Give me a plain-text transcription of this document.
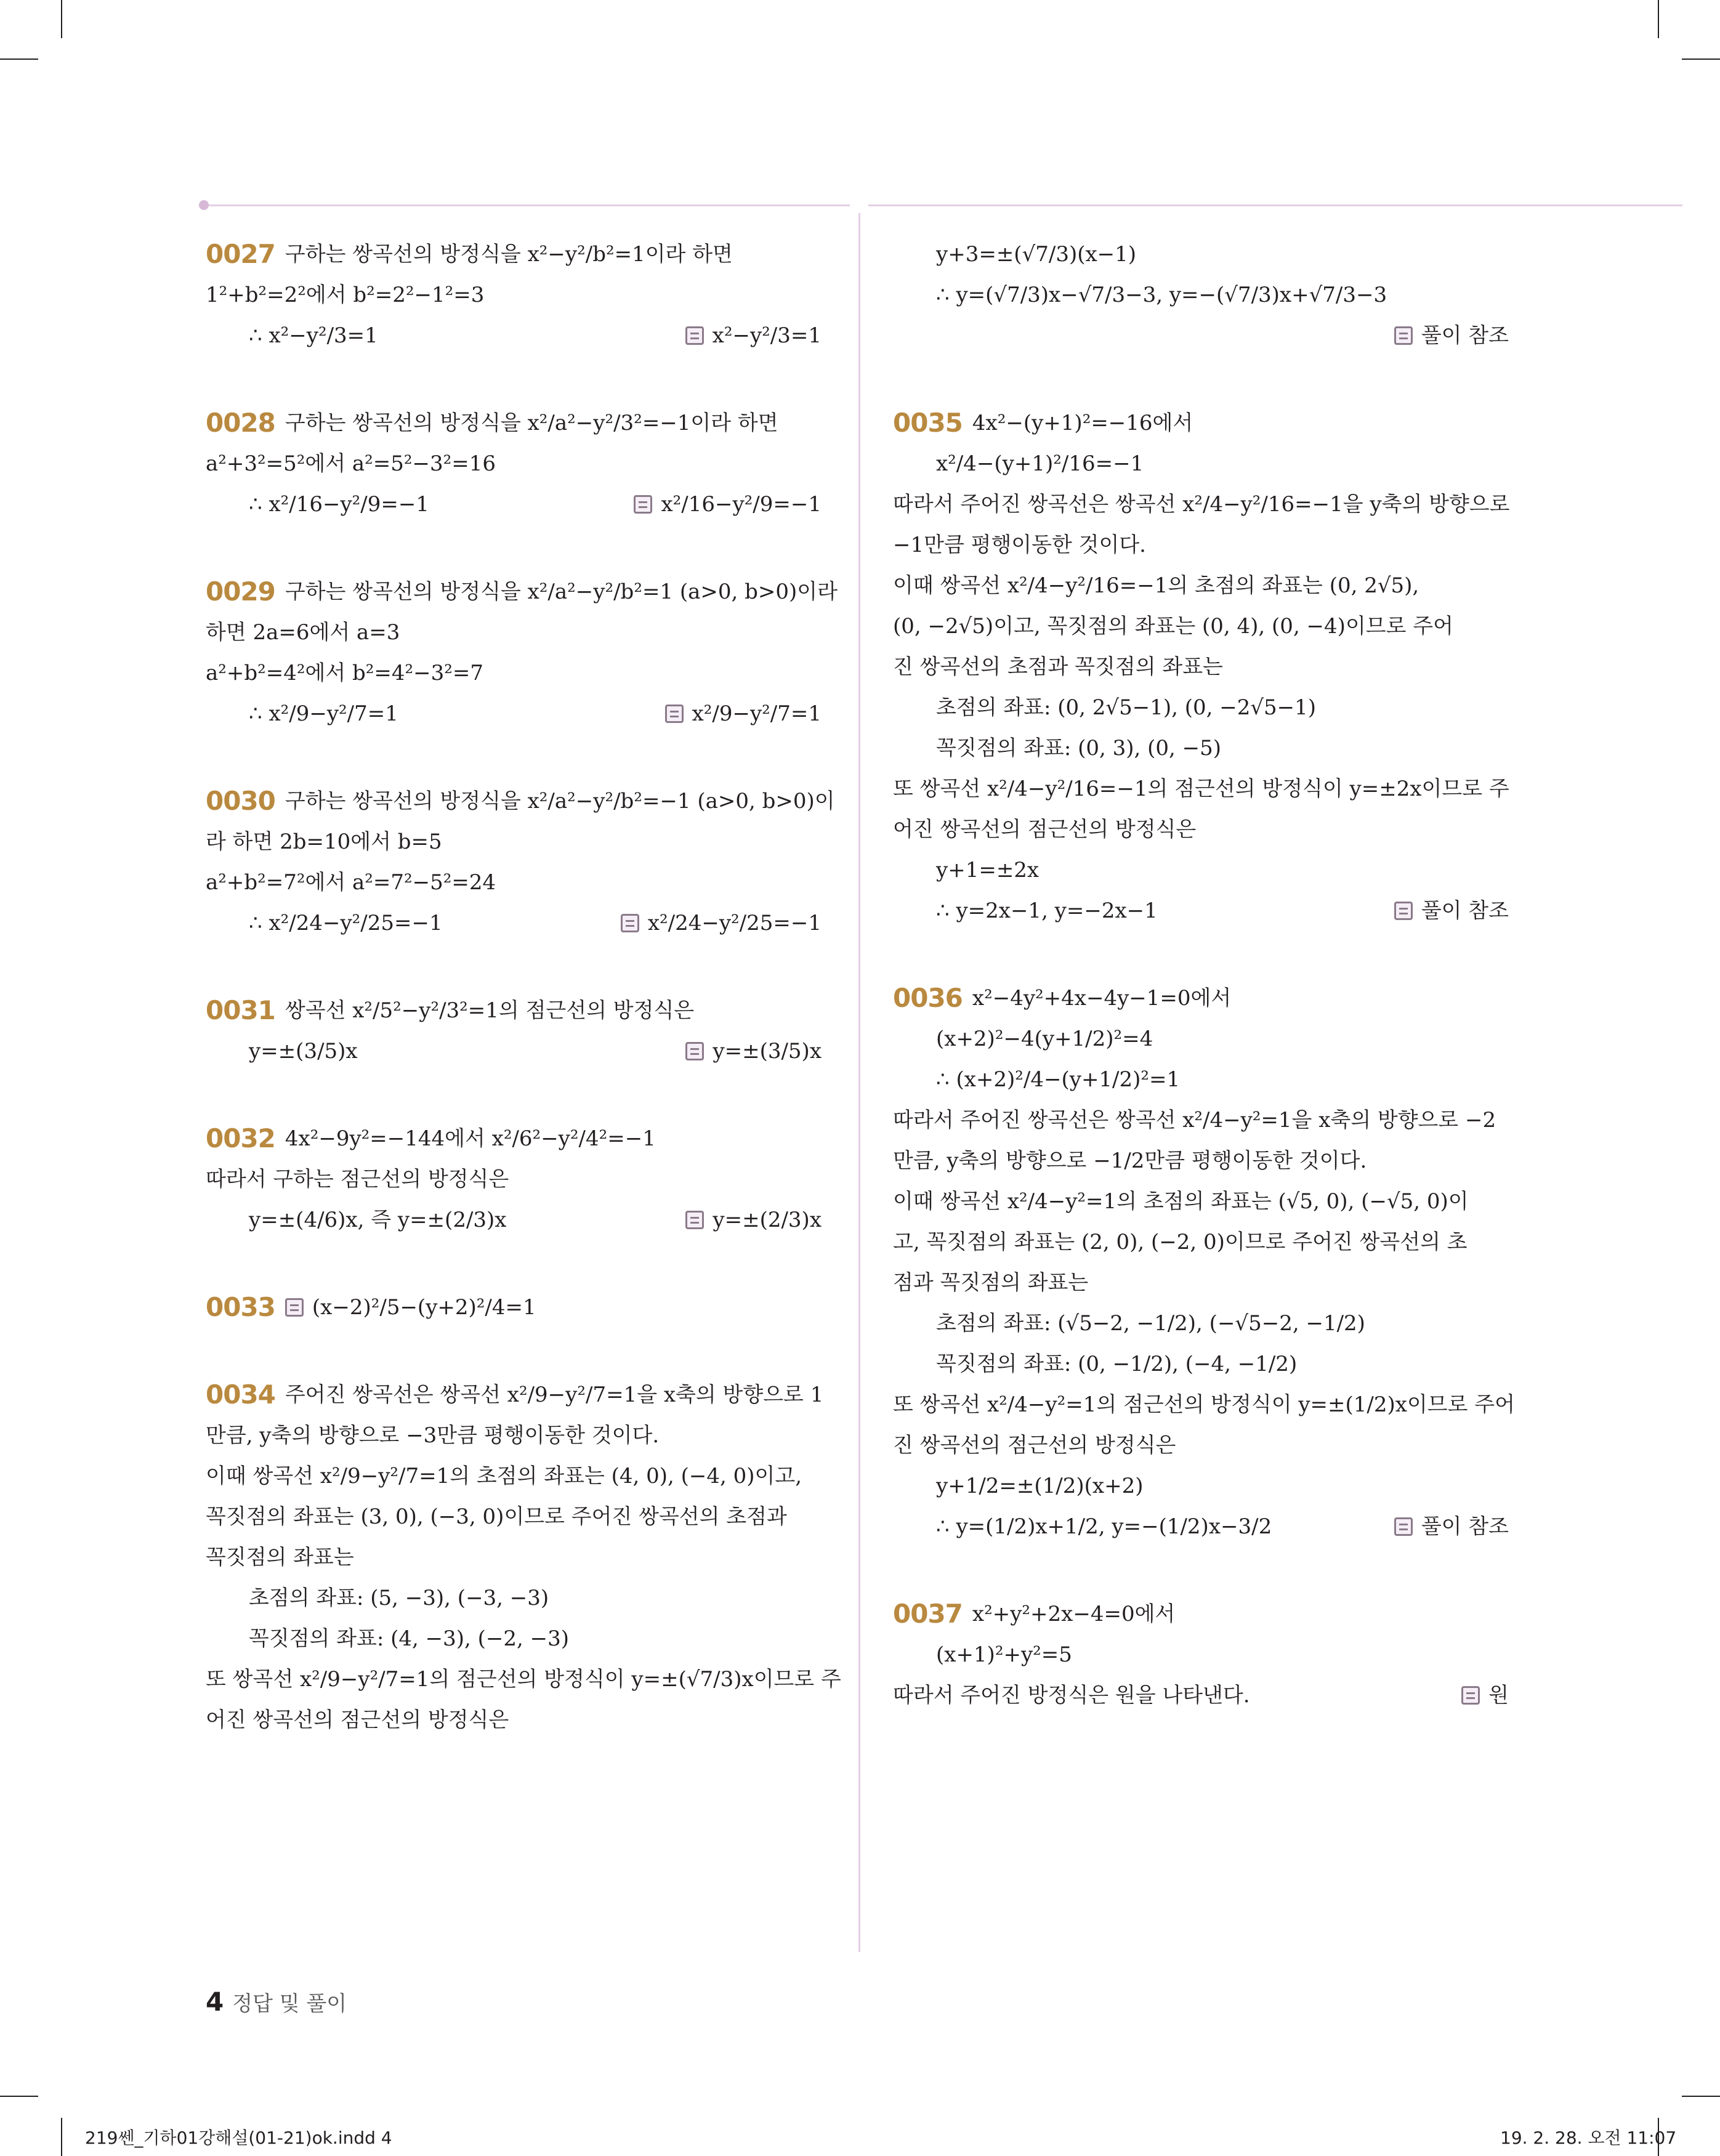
0027 구하는 쌍곡선의 방정식을 x²−y²/b²=1이라 하면
1²+b²=2²에서 b²=2²−1²=3
∴ x²−y²/3=1	x²−y²/3=1
0028 구하는 쌍곡선의 방정식을 x²/a²−y²/3²=−1이라 하면
a²+3²=5²에서 a²=5²−3²=16
∴ x²/16−y²/9=−1	x²/16−y²/9=−1
0029 구하는 쌍곡선의 방정식을 x²/a²−y²/b²=1 (a>0, b>0)이라
하면 2a=6에서 a=3
a²+b²=4²에서 b²=4²−3²=7
∴ x²/9−y²/7=1	x²/9−y²/7=1
0030 구하는 쌍곡선의 방정식을 x²/a²−y²/b²=−1 (a>0, b>0)이
라 하면 2b=10에서 b=5
a²+b²=7²에서 a²=7²−5²=24
∴ x²/24−y²/25=−1	x²/24−y²/25=−1
0031 쌍곡선 x²/5²−y²/3²=1의 점근선의 방정식은
y=±(3/5)x	y=±(3/5)x
0032 4x²−9y²=−144에서 x²/6²−y²/4²=−1
따라서 구하는 점근선의 방정식은
y=±(4/6)x, 즉 y=±(2/3)x	y=±(2/3)x
0033 (x−2)²/5−(y+2)²/4=1
0034 주어진 쌍곡선은 쌍곡선 x²/9−y²/7=1을 x축의 방향으로 1
만큼, y축의 방향으로 −3만큼 평행이동한 것이다.
이때 쌍곡선 x²/9−y²/7=1의 초점의 좌표는 (4, 0), (−4, 0)이고,
꼭짓점의 좌표는 (3, 0), (−3, 0)이므로 주어진 쌍곡선의 초점과
꼭짓점의 좌표는
초점의 좌표: (5, −3), (−3, −3)
꼭짓점의 좌표: (4, −3), (−2, −3)
또 쌍곡선 x²/9−y²/7=1의 점근선의 방정식이 y=±(√7/3)x이므로 주
어진 쌍곡선의 점근선의 방정식은
y+3=±(√7/3)(x−1)
∴ y=(√7/3)x−√7/3−3, y=−(√7/3)x+√7/3−3
풀이 참조
0035 4x²−(y+1)²=−16에서
x²/4−(y+1)²/16=−1
따라서 주어진 쌍곡선은 쌍곡선 x²/4−y²/16=−1을 y축의 방향으로
−1만큼 평행이동한 것이다.
이때 쌍곡선 x²/4−y²/16=−1의 초점의 좌표는 (0, 2√5),
(0, −2√5)이고, 꼭짓점의 좌표는 (0, 4), (0, −4)이므로 주어
진 쌍곡선의 초점과 꼭짓점의 좌표는
초점의 좌표: (0, 2√5−1), (0, −2√5−1)
꼭짓점의 좌표: (0, 3), (0, −5)
또 쌍곡선 x²/4−y²/16=−1의 점근선의 방정식이 y=±2x이므로 주
어진 쌍곡선의 점근선의 방정식은
y+1=±2x
∴ y=2x−1, y=−2x−1	풀이 참조
0036 x²−4y²+4x−4y−1=0에서
(x+2)²−4(y+1/2)²=4
∴ (x+2)²/4−(y+1/2)²=1
따라서 주어진 쌍곡선은 쌍곡선 x²/4−y²=1을 x축의 방향으로 −2
만큼, y축의 방향으로 −1/2만큼 평행이동한 것이다.
이때 쌍곡선 x²/4−y²=1의 초점의 좌표는 (√5, 0), (−√5, 0)이
고, 꼭짓점의 좌표는 (2, 0), (−2, 0)이므로 주어진 쌍곡선의 초
점과 꼭짓점의 좌표는
초점의 좌표: (√5−2, −1/2), (−√5−2, −1/2)
꼭짓점의 좌표: (0, −1/2), (−4, −1/2)
또 쌍곡선 x²/4−y²=1의 점근선의 방정식이 y=±(1/2)x이므로 주어
진 쌍곡선의 점근선의 방정식은
y+1/2=±(1/2)(x+2)
∴ y=(1/2)x+1/2, y=−(1/2)x−3/2	풀이 참조
0037 x²+y²+2x−4=0에서
(x+1)²+y²=5
따라서 주어진 방정식은 원을 나타낸다.	원
4 정답 및 풀이
219쎈_기하01강해설(01-21)ok.indd 4	19. 2. 28. 오전 11:07
